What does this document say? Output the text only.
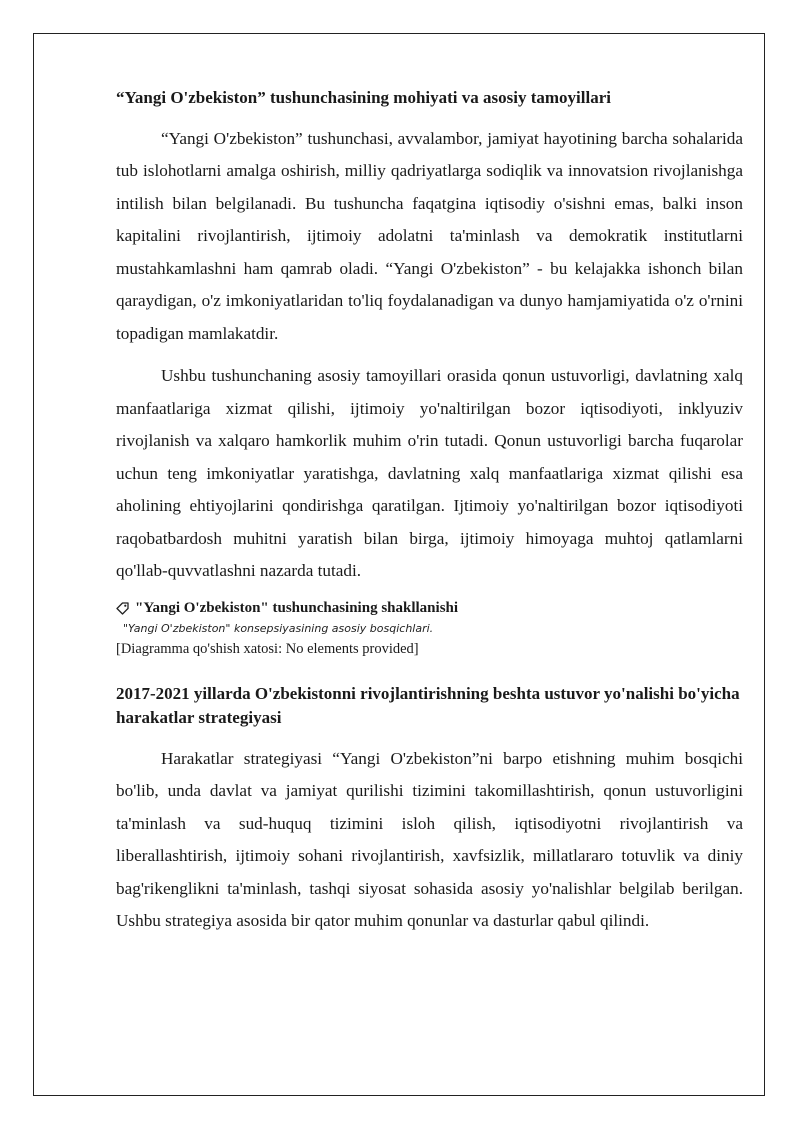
“Yangi O'zbekiston” tushunchasining mohiyati va asosiy tamoyillari

“Yangi O'zbekiston” tushunchasi, avvalambor, jamiyat hayotining barcha sohalarida tub islohotlarni amalga oshirish, milliy qadriyatlarga sodiqlik va innovatsion rivojlanishga intilish bilan belgilanadi. Bu tushuncha faqatgina iqtisodiy o'sishni emas, balki inson kapitalini rivojlantirish, ijtimoiy adolatni ta'minlash va demokratik institutlarni mustahkamlashni ham qamrab oladi. “Yangi O'zbekiston” - bu kelajakka ishonch bilan qaraydigan, o'z imkoniyatlaridan to'liq foydalanadigan va dunyo hamjamiyatida o'z o'rnini topadigan mamlakatdir.

Ushbu tushunchaning asosiy tamoyillari orasida qonun ustuvorligi, davlatning xalq manfaatlariga xizmat qilishi, ijtimoiy yo'naltirilgan bozor iqtisodiyoti, inklyuziv rivojlanish va xalqaro hamkorlik muhim o'rin tutadi. Qonun ustuvorligi barcha fuqarolar uchun teng imkoniyatlar yaratishga, davlatning xalq manfaatlariga xizmat qilishi esa aholining ehtiyojlarini qondirishga qaratilgan. Ijtimoiy yo'naltirilgan bozor iqtisodiyoti raqobatbardosh muhitni yaratish bilan birga, ijtimoiy himoyaga muhtoj qatlamlarni qo'llab-quvvatlashni nazarda tutadi.

"Yangi O'zbekiston" tushunchasining shakllanishi

"Yangi O'zbekiston" konsepsiyasining asosiy bosqichlari.

[Diagramma qo'shish xatosi: No elements provided]

2017-2021 yillarda O'zbekistonni rivojlantirishning beshta ustuvor yo'nalishi bo'yicha harakatlar strategiyasi

Harakatlar strategiyasi “Yangi O'zbekiston”ni barpo etishning muhim bosqichi bo'lib, unda davlat va jamiyat qurilishi tizimini takomillashtirish, qonun ustuvorligini ta'minlash va sud-huquq tizimini isloh qilish, iqtisodiyotni rivojlantirish va liberallashtirish, ijtimoiy sohani rivojlantirish, xavfsizlik, millatlararo totuvlik va diniy bag'rikenglikni ta'minlash, tashqi siyosat sohasida asosiy yo'nalishlar belgilab berilgan. Ushbu strategiya asosida bir qator muhim qonunlar va dasturlar qabul qilindi.
